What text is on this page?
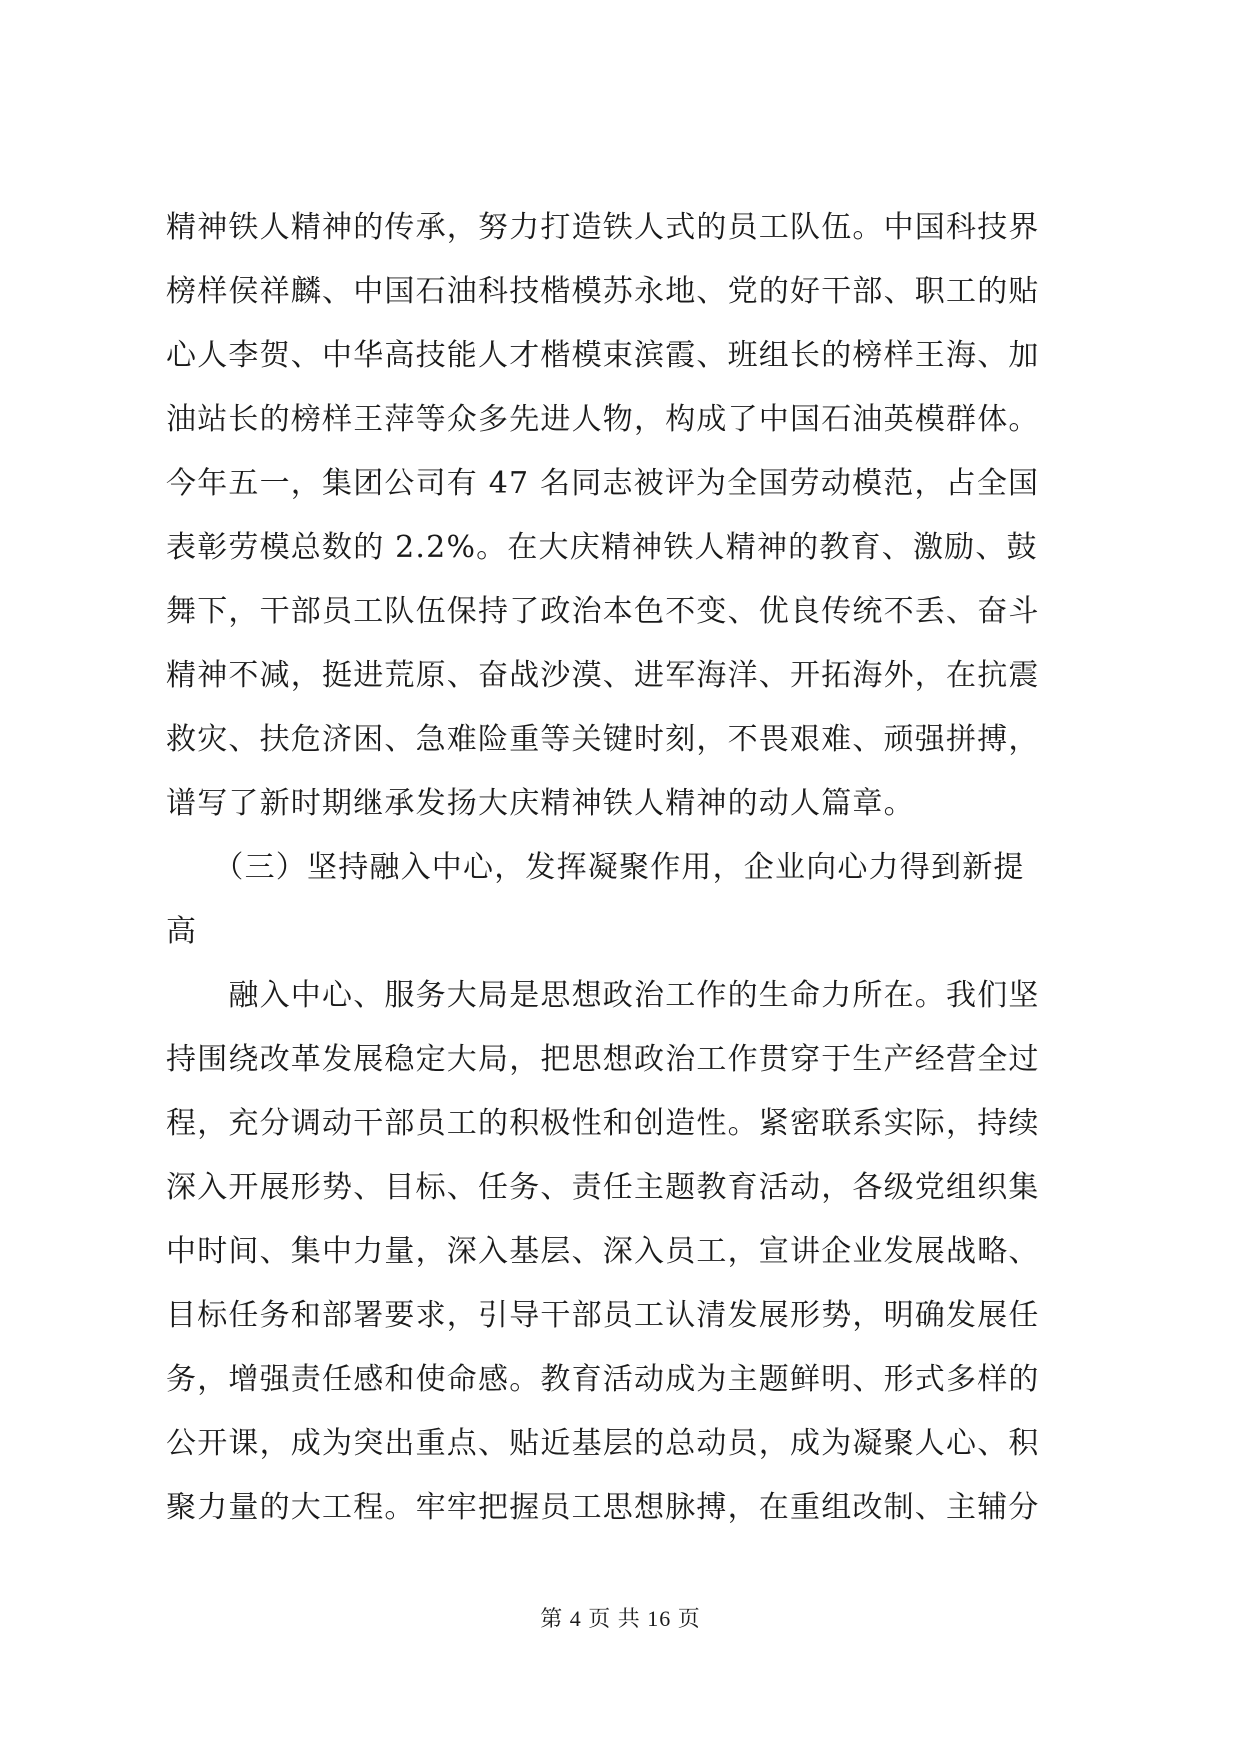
精神铁人精神的传承，努力打造铁人式的员工队伍。中国科技界
榜样侯祥麟、中国石油科技楷模苏永地、党的好干部、职工的贴
心人李贺、中华高技能人才楷模束滨霞、班组长的榜样王海、加
油站长的榜样王萍等众多先进人物，构成了中国石油英模群体。
今年五一，集团公司有 47 名同志被评为全国劳动模范，占全国
表彰劳模总数的 2.2%。在大庆精神铁人精神的教育、激励、鼓
舞下，干部员工队伍保持了政治本色不变、优良传统不丢、奋斗
精神不减，挺进荒原、奋战沙漠、进军海洋、开拓海外，在抗震
救灾、扶危济困、急难险重等关键时刻，不畏艰难、顽强拼搏，
谱写了新时期继承发扬大庆精神铁人精神的动人篇章。
　　（三）坚持融入中心，发挥凝聚作用，企业向心力得到新提
高
　　融入中心、服务大局是思想政治工作的生命力所在。我们坚
持围绕改革发展稳定大局，把思想政治工作贯穿于生产经营全过
程，充分调动干部员工的积极性和创造性。紧密联系实际，持续
深入开展形势、目标、任务、责任主题教育活动，各级党组织集
中时间、集中力量，深入基层、深入员工，宣讲企业发展战略、
目标任务和部署要求，引导干部员工认清发展形势，明确发展任
务，增强责任感和使命感。教育活动成为主题鲜明、形式多样的
公开课，成为突出重点、贴近基层的总动员，成为凝聚人心、积
聚力量的大工程。牢牢把握员工思想脉搏，在重组改制、主辅分
第 4 页 共 16 页
